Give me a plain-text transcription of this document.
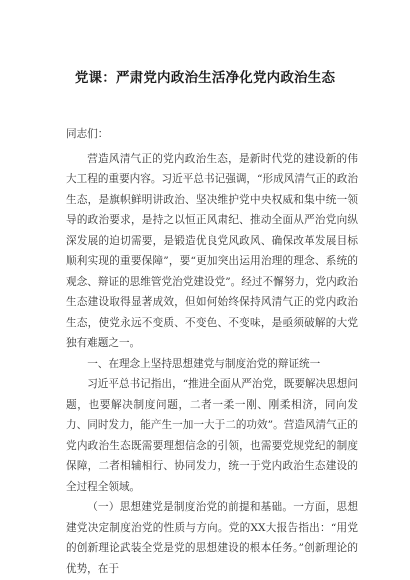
党课：严肃党内政治生活净化党内政治生态

同志们：

营造风清气正的党内政治生态，是新时代党的建设新的伟大工程的重要内容。习近平总书记强调，“形成风清气正的政治生态，是旗帜鲜明讲政治、坚决维护党中央权威和集中统一领导的政治要求，是持之以恒正风肃纪、推动全面从严治党向纵深发展的迫切需要，是锻造优良党风政风、确保改革发展目标顺利实现的重要保障”，要“更加突出运用治理的理念、系统的观念、辩证的思维管党治党建设党”。经过不懈努力，党内政治生态建设取得显著成效，但如何始终保持风清气正的党内政治生态，使党永远不变质、不变色、不变味，是亟须破解的大党独有难题之一。

一、在理念上坚持思想建党与制度治党的辩证统一

习近平总书记指出，“推进全面从严治党，既要解决思想问题，也要解决制度问题，二者一柔一刚、刚柔相济，同向发力、同时发力，能产生一加一大于二的功效”。营造风清气正的党内政治生态既需要理想信念的引领，也需要党规党纪的制度保障，二者相辅相行、协同发力，统一于党内政治生态建设的全过程全领域。

（一）思想建党是制度治党的前提和基础。一方面，思想建党决定制度治党的性质与方向。党的XX大报告指出：“用党的创新理论武装全党是党的思想建设的根本任务。”创新理论的优势，在于
